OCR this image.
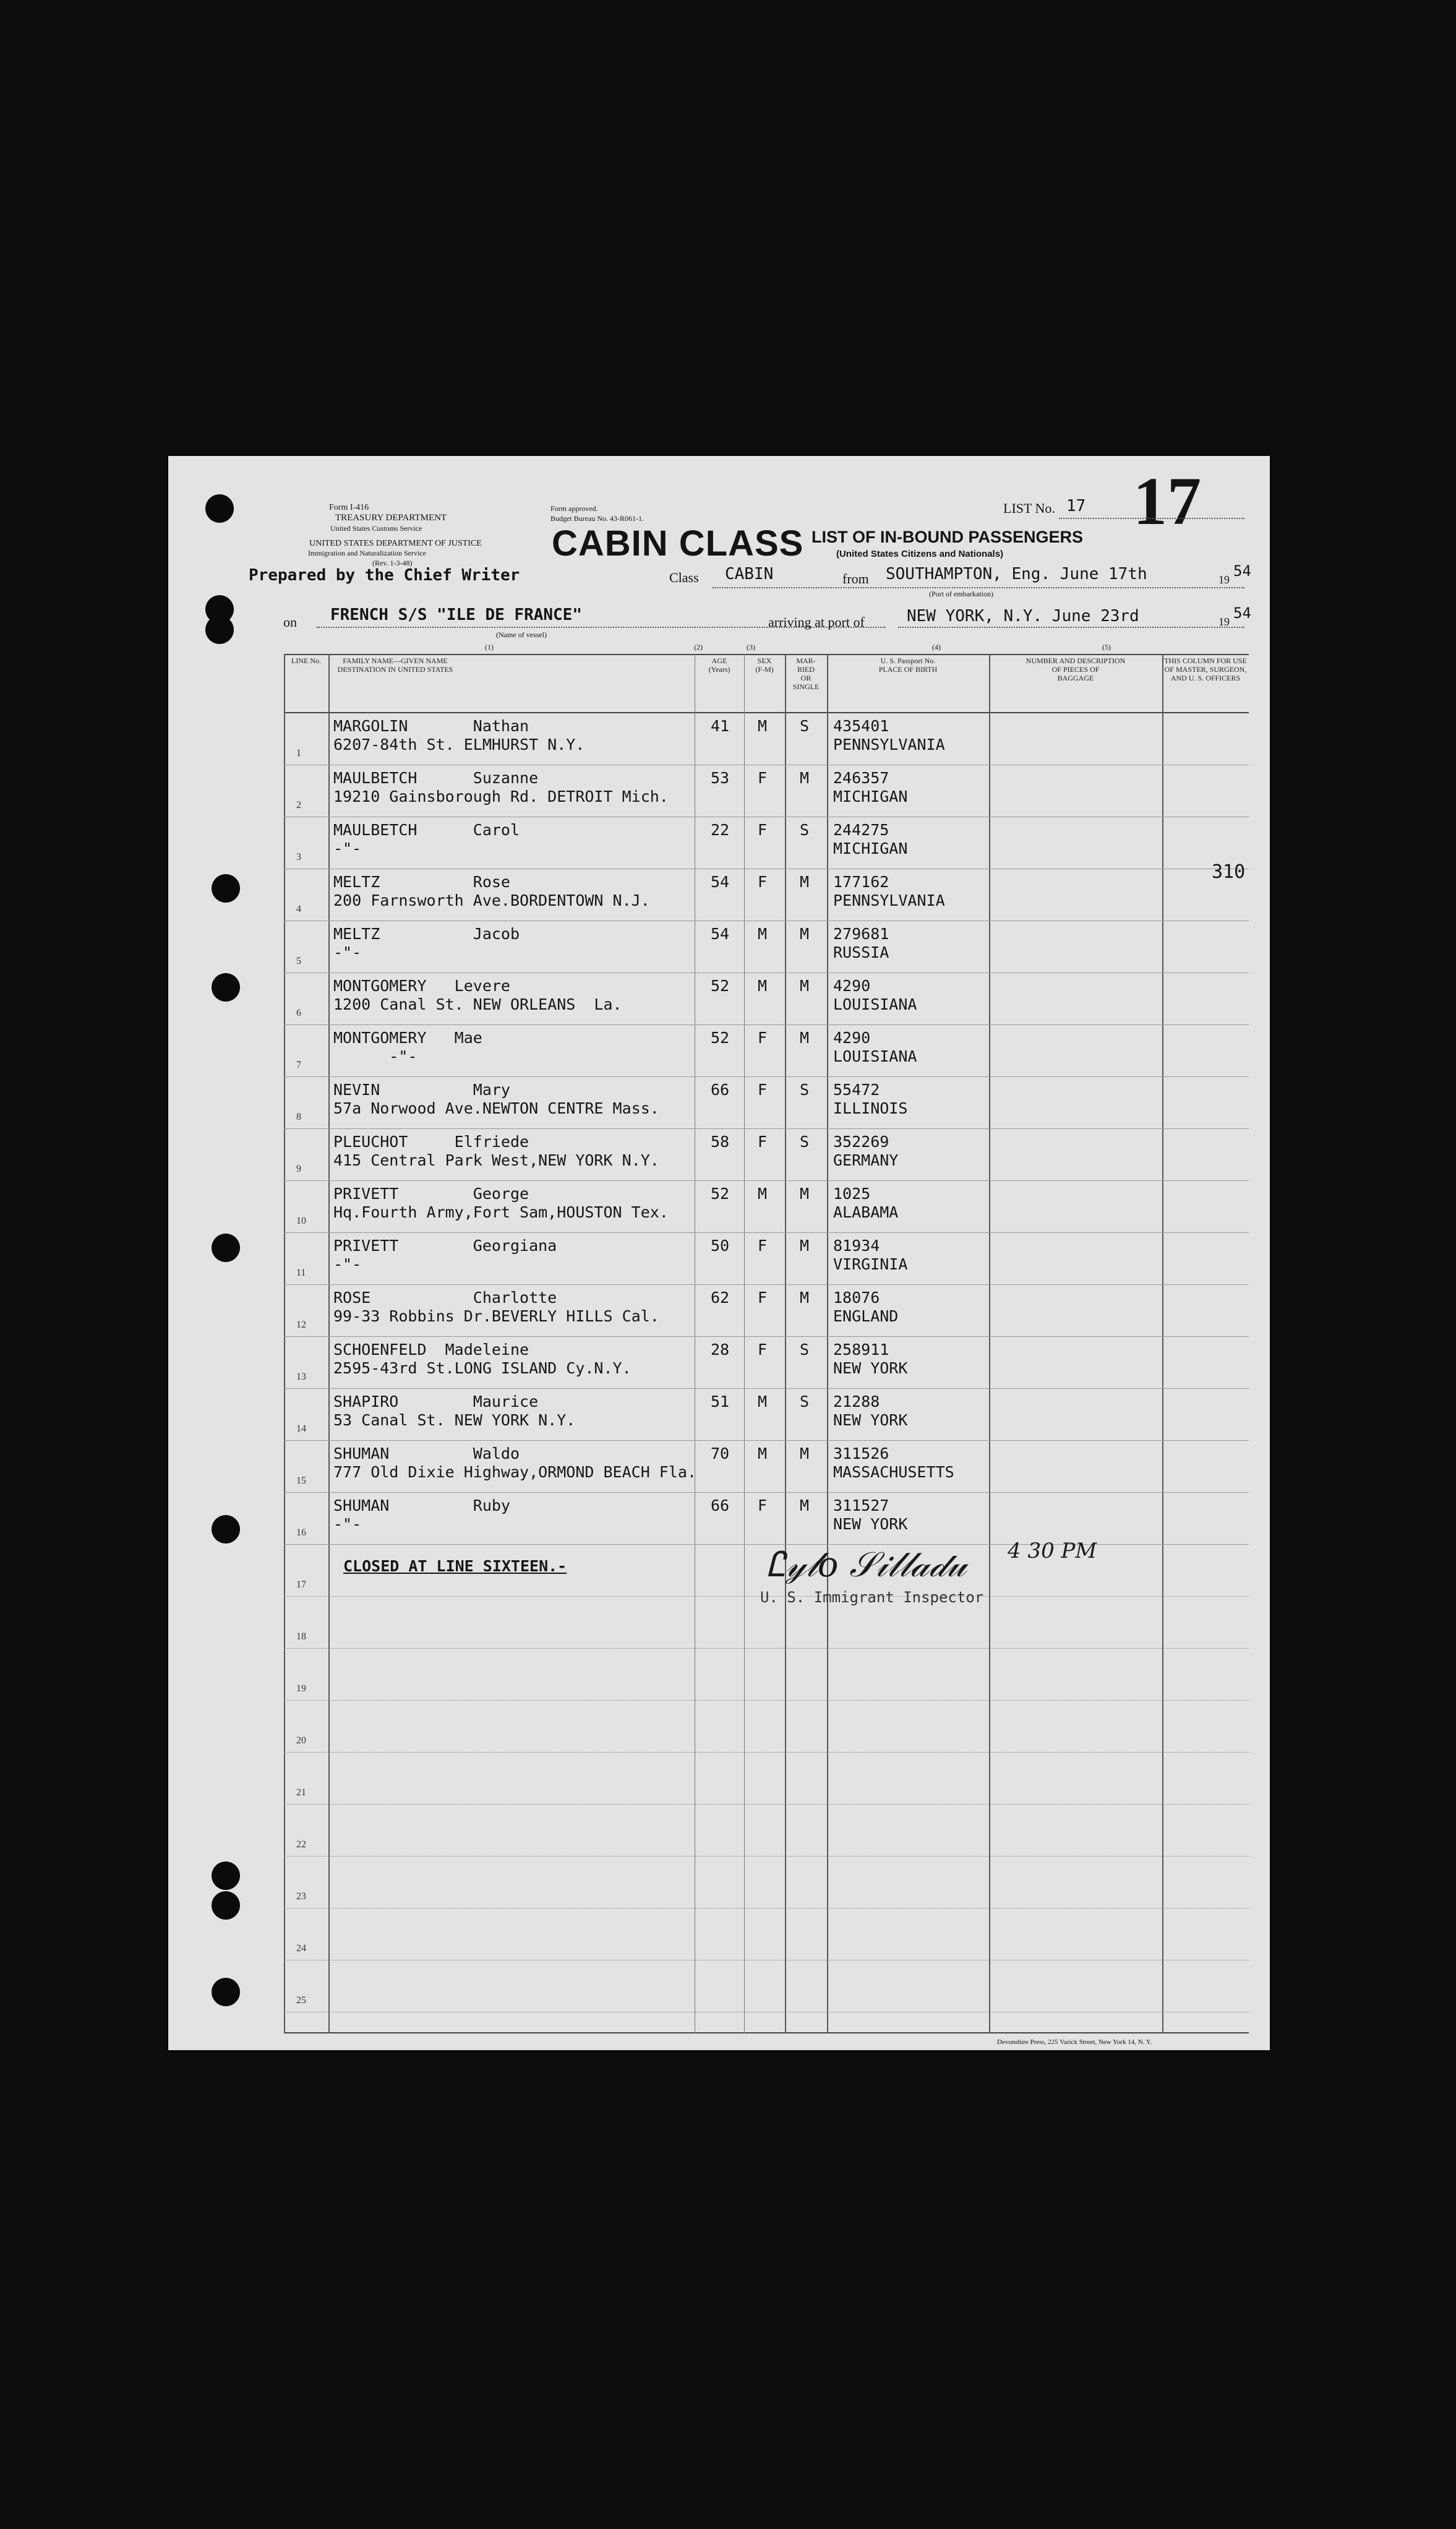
Form I-416
TREASURY DEPARTMENT
United States Customs Service
Form approved.
Budget Bureau No. 43-R061-1.
UNITED STATES DEPARTMENT OF JUSTICE
Immigration and Naturalization Service
(Rev. 1-3-48)	CABIN CLASS LIST OF IN-BOUND PASSENGERS
(United States Citizens and Nationals)
LIST No. 17 17
Prepared by the Chief Writer	Class CABIN	from SOUTHAMPTON, Eng. June 17th	19 54
(Port of embarkation)
on FRENCH S/S "ILE DE FRANCE"
(Name of vessel)
arriving at port of	NEW YORK, N.Y. June 23rd	19 54
(1)	(2)	(3)	(4)	(5)
LINE No.	FAMILY NAME—GIVEN NAME
DESTINATION IN UNITED STATES
AGE
(Years)
SEX
(F-M)
MAR-
RIED
OR
SINGLE
U. S. Passport No.
PLACE OF BIRTH
NUMBER AND DESCRIPTION
OF PIECES OF
BAGGAGE
THIS COLUMN FOR USE
OF MASTER, SURGEON,
AND U. S. OFFICERS
1
MARGOLIN       Nathan
6207-84th St. ELMHURST N.Y.
41 M S 435401
PENNSYLVANIA
2
MAULBETCH      Suzanne
19210 Gainsborough Rd. DETROIT Mich.
53 F M 246357
MICHIGAN
3
MAULBETCH      Carol
-"-
22 F S 244275
MICHIGAN
4
MELTZ          Rose
200 Farnsworth Ave.BORDENTOWN N.J.
54 F M 177162
PENNSYLVANIA
5
MELTZ          Jacob
-"-
54 M M 279681
RUSSIA
6
MONTGOMERY   Levere
1200 Canal St. NEW ORLEANS  La.
52 M M 4290
LOUISIANA
7
MONTGOMERY   Mae
-"-
52 F M 4290
LOUISIANA
8
NEVIN          Mary
57a Norwood Ave.NEWTON CENTRE Mass.
66 F S 55472
ILLINOIS
9
PLEUCHOT     Elfriede
415 Central Park West,NEW YORK N.Y.
58 F S 352269
GERMANY
10
PRIVETT        George
Hq.Fourth Army,Fort Sam,HOUSTON Tex.
52 M M 1025
ALABAMA
11
PRIVETT        Georgiana
-"-
50 F M 81934
VIRGINIA
12
ROSE           Charlotte
99-33 Robbins Dr.BEVERLY HILLS Cal.
62 F M 18076
ENGLAND
13
SCHOENFELD  Madeleine
2595-43rd St.LONG ISLAND Cy.N.Y.
28 F S 258911
NEW YORK
14
SHAPIRO        Maurice
53 Canal St. NEW YORK N.Y.
51 M S 21288
NEW YORK
15
SHUMAN         Waldo
777 Old Dixie Highway,ORMOND BEACH Fla.
70 M M 311526
MASSACHUSETTS
16
SHUMAN         Ruby
-"-
66 F M 311527
NEW YORK
17
18
19
20
21
22
23
24
25
CLOSED AT LINE SIXTEEN.-
310
Ꮭ𝓎𝓁𝑜 𝒮𝒾𝓁𝓁𝒶𝒹𝓊 4 30 PM
U. S. Immigrant Inspector
Devonshire Press, 225 Varick Street, New York 14, N. Y.
